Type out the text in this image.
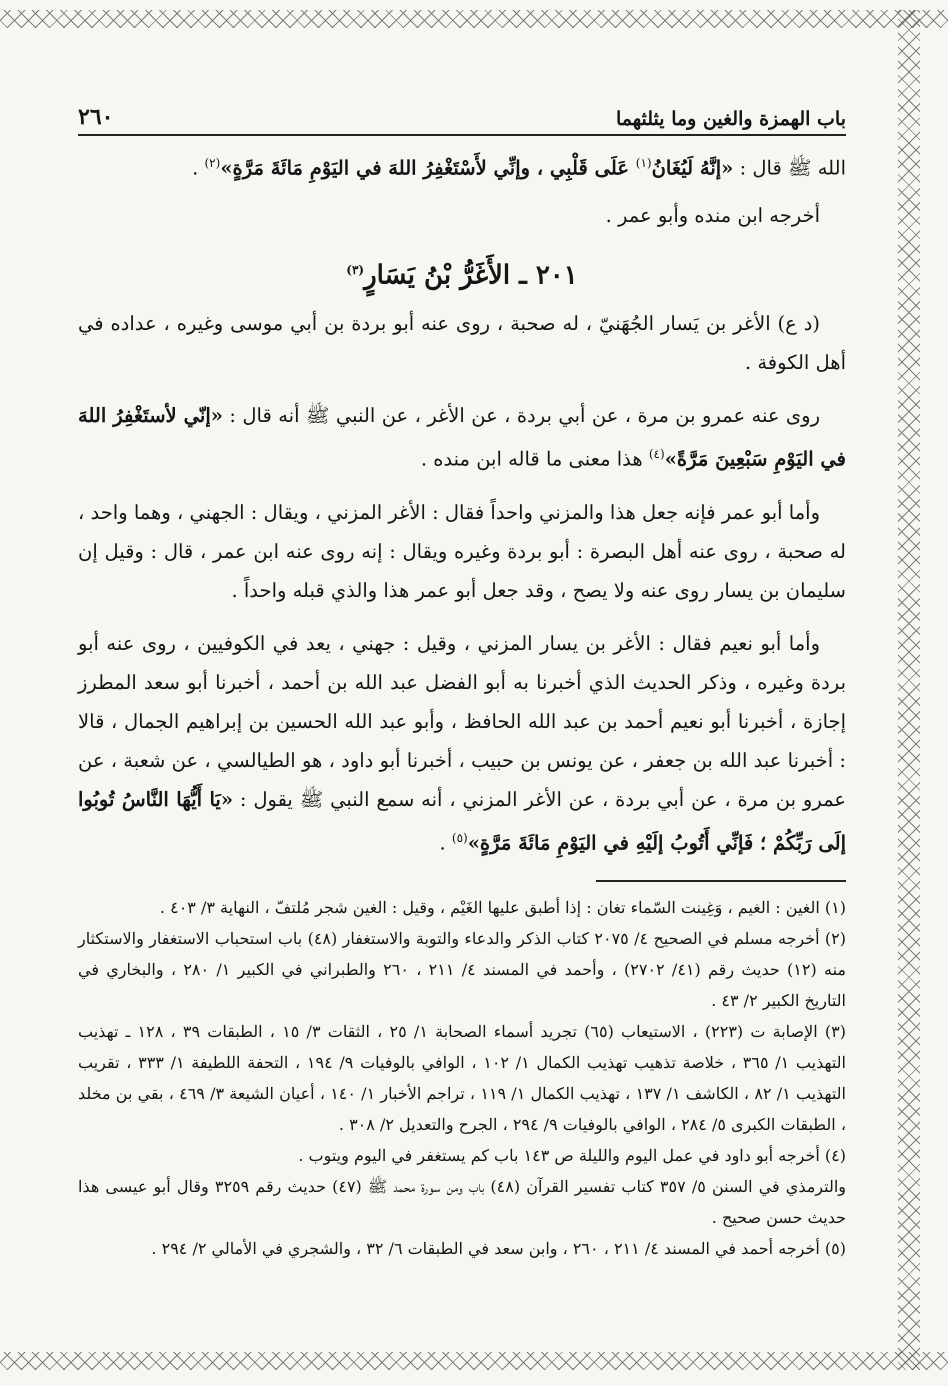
باب الهمزة والغين وما يثلثهما
٢٦٠

الله ﷺ قال : «إنَّهُ لَيُغَانُ$^{(١)}$ عَلَى قَلْبِي ، وإنِّي لأَسْتَغْفِرُ اللهَ في اليَوْمِ مَائَةَ مَرَّةٍ»$^{(٢)}$ .

أخرجه ابن منده وأبو عمر .

٢٠١ ـ الأَغَرُّ بْنُ يَسَارٍ$^{(٣)}$

(د ع) الأغر بن يَسار الجُهَنيّ ، له صحبة ، روى عنه أبو بردة بن أبي موسى وغيره ، عداده في أهل الكوفة .

روى عنه عمرو بن مرة ، عن أبي بردة ، عن الأغر ، عن النبي ﷺ أنه قال : «إنّي لأستَغْفِرُ اللهَ في اليَوْمِ سَبْعِينَ مَرَّةً»$^{(٤)}$ هذا معنى ما قاله ابن منده .

وأما أبو عمر فإنه جعل هذا والمزني واحداً فقال : الأغر المزني ، ويقال : الجهني ، وهما واحد ، له صحبة ، روى عنه أهل البصرة : أبو بردة وغيره ويقال : إنه روى عنه ابن عمر ، قال : وقيل إن سليمان بن يسار روى عنه ولا يصح ، وقد جعل أبو عمر هذا والذي قبله واحداً .

وأما أبو نعيم فقال : الأغر بن يسار المزني ، وقيل : جهني ، يعد في الكوفيين ، روى عنه أبو بردة وغيره ، وذكر الحديث الذي أخبرنا به أبو الفضل عبد الله بن أحمد ، أخبرنا أبو سعد المطرز إجازة ، أخبرنا أبو نعيم أحمد بن عبد الله الحافظ ، وأبو عبد الله الحسين بن إبراهيم الجمال ، قالا : أخبرنا عبد الله بن جعفر ، عن يونس بن حبيب ، أخبرنا أبو داود ، هو الطيالسي ، عن شعبة ، عن عمرو بن مرة ، عن أبي بردة ، عن الأغر المزني ، أنه سمع النبي ﷺ يقول : «يَا أَيُّهَا النَّاسُ تُوبُوا إلَى رَبِّكُمْ ؛ فَإنِّي أَتُوبُ إلَيْهِ في اليَوْمِ مَائَةَ مَرَّةٍ»$^{(٥)}$ .

(١) الغين : الغيم ، وَغِينت السّماء تغان : إذا أطبق عليها الغَيْم ، وقيل : الغين شجر مُلتفّ ، النهاية ٣/ ٤٠٣ .

(٢) أخرجه مسلم في الصحيح ٤/ ٢٠٧٥ كتاب الذكر والدعاء والتوبة والاستغفار (٤٨) باب استحباب الاستغفار والاستكثار منه (١٢) حديث رقم (٤١/ ٢٧٠٢) ، وأحمد في المسند ٤/ ٢١١ ، ٢٦٠ والطبراني في الكبير ١/ ٢٨٠ ، والبخاري في التاريخ الكبير ٢/ ٤٣ .

(٣) الإصابة ت (٢٢٣) ، الاستيعاب (٦٥) تجريد أسماء الصحابة ١/ ٢٥ ، الثقات ٣/ ١٥ ، الطبقات ٣٩ ، ١٢٨ ـ تهذيب التهذيب ١/ ٣٦٥ ، خلاصة تذهيب تهذيب الكمال ١/ ١٠٢ ، الوافي بالوفيات ٩/ ١٩٤ ، التحفة اللطيفة ١/ ٣٣٣ ، تقريب التهذيب ١/ ٨٢ ، الكاشف ١/ ١٣٧ ، تهذيب الكمال ١/ ١١٩ ، تراجم الأخبار ١/ ١٤٠ ، أعيان الشيعة ٣/ ٤٦٩ ، بقي بن مخلد ، الطبقات الكبرى ٥/ ٢٨٤ ، الوافي بالوفيات ٩/ ٢٩٤ ، الجرح والتعديل ٢/ ٣٠٨ .

(٤) أخرجه أبو داود في عمل اليوم والليلة ص ١٤٣ باب كم يستغفر في اليوم ويتوب .

والترمذي في السنن ٥/ ٣٥٧ كتاب تفسير القرآن (٤٨) باب ومن سورة محمد ﷺ (٤٧) حديث رقم ٣٢٥٩ وقال أبو عيسى هذا حديث حسن صحيح .

(٥) أخرجه أحمد في المسند ٤/ ٢١١ ، ٢٦٠ ، وابن سعد في الطبقات ٦/ ٣٢ ، والشجري في الأمالي ٢/ ٢٩٤ .
